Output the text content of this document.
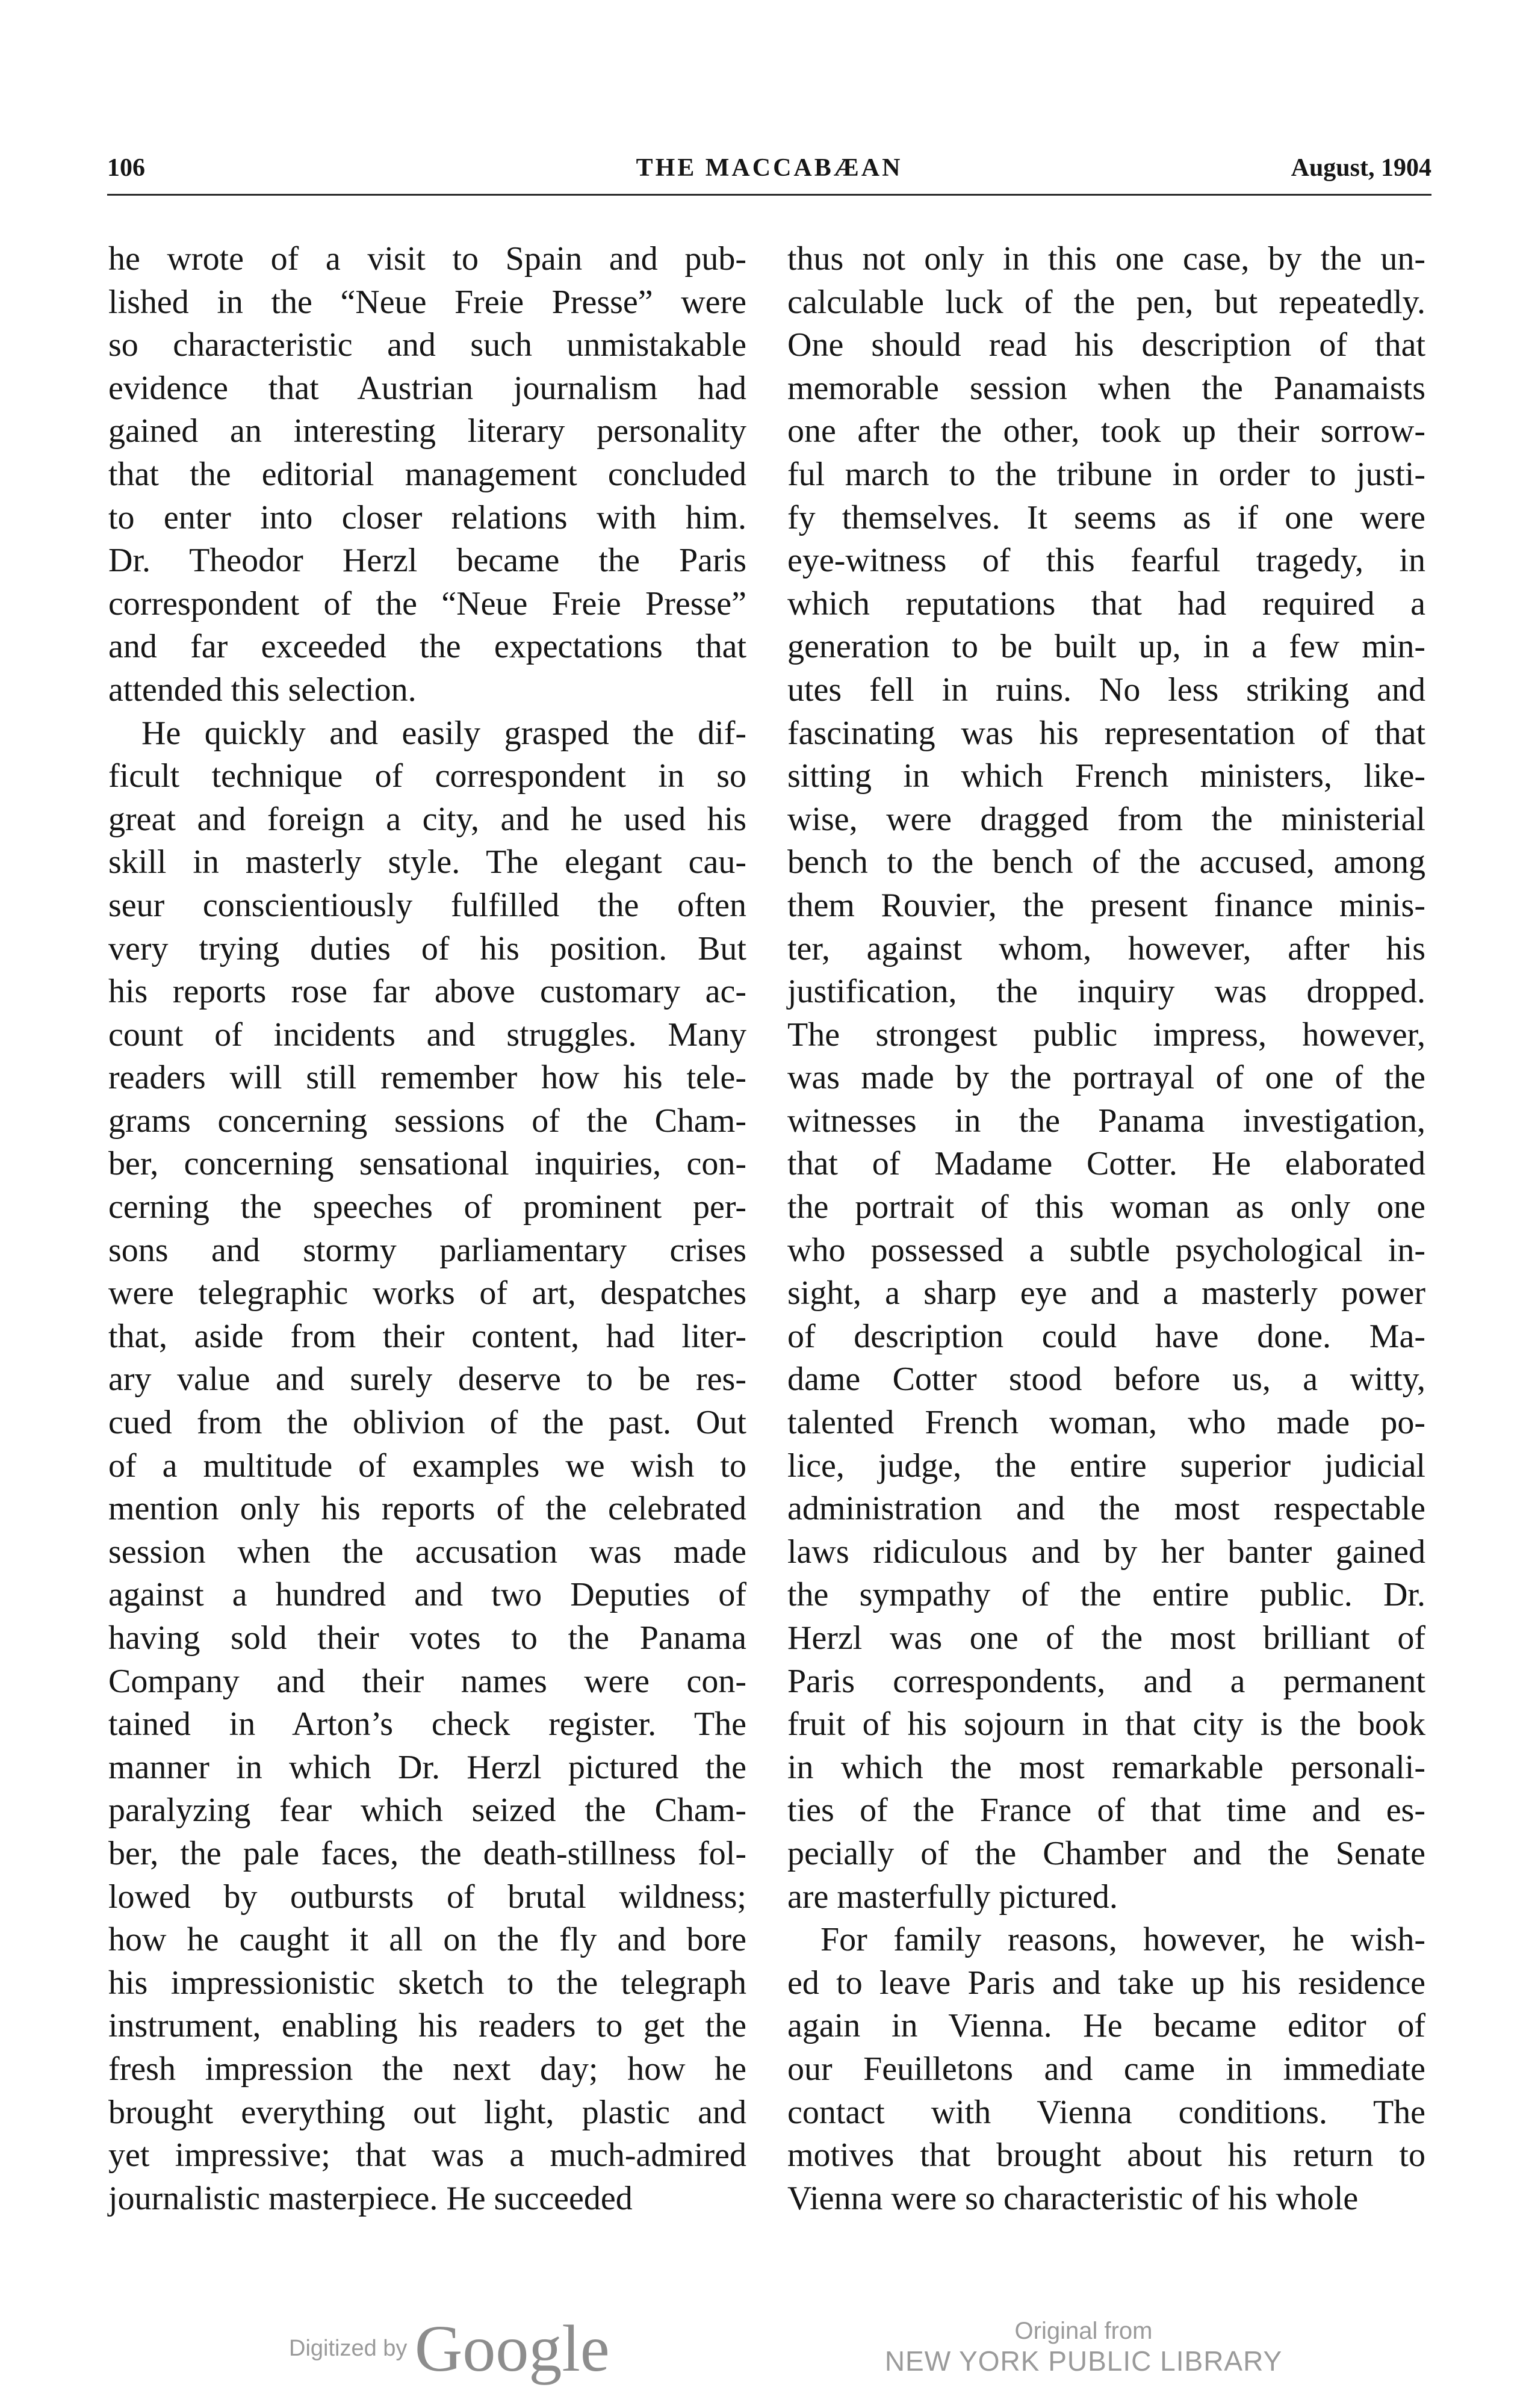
106	THE MACCABÆAN	August, 1904

he wrote of a visit to Spain and pub-

lished in the “Neue Freie Presse” were

so characteristic and such unmistakable

evidence that Austrian journalism had

gained an interesting literary personality

that the editorial management concluded

to enter into closer relations with him.

Dr. Theodor Herzl became the Paris

correspondent of the “Neue Freie Presse”

and far exceeded the expectations that

attended this selection.

He quickly and easily grasped the dif-

ficult technique of correspondent in so

great and foreign a city, and he used his

skill in masterly style. The elegant cau-

seur conscientiously fulfilled the often

very trying duties of his position. But

his reports rose far above customary ac-

count of incidents and struggles. Many

readers will still remember how his tele-

grams concerning sessions of the Cham-

ber, concerning sensational inquiries, con-

cerning the speeches of prominent per-

sons and stormy parliamentary crises

were telegraphic works of art, despatches

that, aside from their content, had liter-

ary value and surely deserve to be res-

cued from the oblivion of the past. Out

of a multitude of examples we wish to

mention only his reports of the celebrated

session when the accusation was made

against a hundred and two Deputies of

having sold their votes to the Panama

Company and their names were con-

tained in Arton’s check register. The

manner in which Dr. Herzl pictured the

paralyzing fear which seized the Cham-

ber, the pale faces, the death-stillness fol-

lowed by outbursts of brutal wildness;

how he caught it all on the fly and bore

his impressionistic sketch to the telegraph

instrument, enabling his readers to get the

fresh impression the next day; how he

brought everything out light, plastic and

yet impressive; that was a much-admired

journalistic masterpiece. He succeeded

thus not only in this one case, by the un-

calculable luck of the pen, but repeatedly.

One should read his description of that

memorable session when the Panamaists

one after the other, took up their sorrow-

ful march to the tribune in order to justi-

fy themselves. It seems as if one were

eye-witness of this fearful tragedy, in

which reputations that had required a

generation to be built up, in a few min-

utes fell in ruins. No less striking and

fascinating was his representation of that

sitting in which French ministers, like-

wise, were dragged from the ministerial

bench to the bench of the accused, among

them Rouvier, the present finance minis-

ter, against whom, however, after his

justification, the inquiry was dropped.

The strongest public impress, however,

was made by the portrayal of one of the

witnesses in the Panama investigation,

that of Madame Cotter. He elaborated

the portrait of this woman as only one

who possessed a subtle psychological in-

sight, a sharp eye and a masterly power

of description could have done. Ma-

dame Cotter stood before us, a witty,

talented French woman, who made po-

lice, judge, the entire superior judicial

administration and the most respectable

laws ridiculous and by her banter gained

the sympathy of the entire public. Dr.

Herzl was one of the most brilliant of

Paris correspondents, and a permanent

fruit of his sojourn in that city is the book

in which the most remarkable personali-

ties of the France of that time and es-

pecially of the Chamber and the Senate

are masterfully pictured.

For family reasons, however, he wish-

ed to leave Paris and take up his residence

again in Vienna. He became editor of

our Feuilletons and came in immediate

contact with Vienna conditions. The

motives that brought about his return to

Vienna were so characteristic of his whole

Digitized by Google	Original from
NEW YORK PUBLIC LIBRARY
